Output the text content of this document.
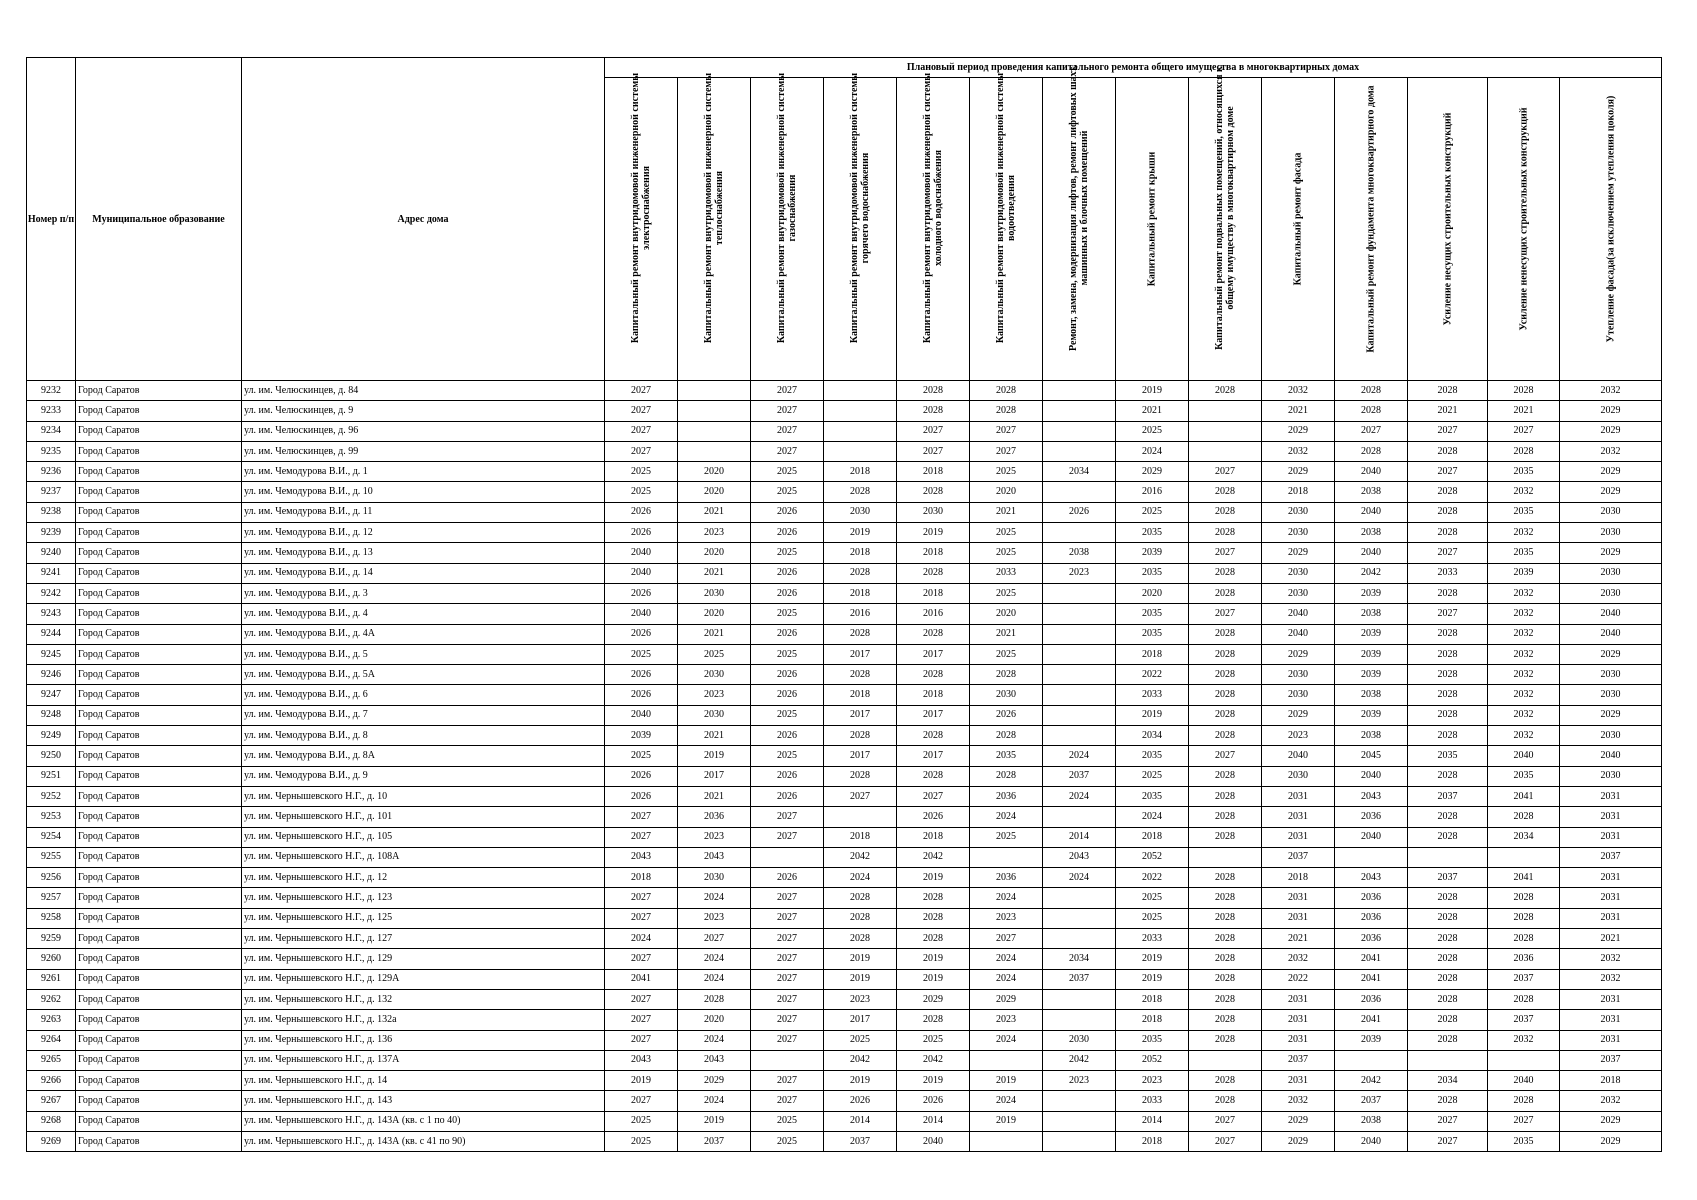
Номер п/п	Муниципальное образование	Адрес дома	Плановый период проведения капитального ремонта общего имущества в многоквартирных домах													

			Капитальный ремонт внутридомовой инженерной системы электроснабжения	Капитальный ремонт внутридомовой инженерной системы теплоснабжения	Капитальный ремонт внутридомовой инженерной системы газоснабжения	Капитальный ремонт внутридомовой инженерной системы горячего водоснабжения	Капитальный ремонт внутридомовой инженерной системы холодного водоснабжения	Капитальный ремонт внутридомовой инженерной системы водоотведения	Ремонт, замена, модернизация лифтов, ремонт лифтовых шахт, машинных и блочных помещений	Капитальный ремонт крыши	Капитальный ремонт подвальных помещений, относящихся к общему имуществу в многоквартирном доме	Капитальный ремонт фасада	Капитальный ремонт фундамента многоквартирного дома	Усиление несущих строительных конструкций	Усиление ненесущих строительных конструкций	Утепление фасада(за исключением утепления цоколя)

9232	Город Саратов	ул. им. Челюскинцев, д. 84	2027		2027		2028	2028		2019	2028	2032	2028	2028	2028	2032
9233	Город Саратов	ул. им. Челюскинцев, д. 9	2027		2027		2028	2028		2021		2021	2028	2021	2021	2029
9234	Город Саратов	ул. им. Челюскинцев, д. 96	2027		2027		2027	2027		2025		2029	2027	2027	2027	2029
9235	Город Саратов	ул. им. Челюскинцев, д. 99	2027		2027		2027	2027		2024		2032	2028	2028	2028	2032
9236	Город Саратов	ул. им. Чемодурова В.И., д. 1	2025	2020	2025	2018	2018	2025	2034	2029	2027	2029	2040	2027	2035	2029
9237	Город Саратов	ул. им. Чемодурова В.И., д. 10	2025	2020	2025	2028	2028	2020		2016	2028	2018	2038	2028	2032	2029
9238	Город Саратов	ул. им. Чемодурова В.И., д. 11	2026	2021	2026	2030	2030	2021	2026	2025	2028	2030	2040	2028	2035	2030
9239	Город Саратов	ул. им. Чемодурова В.И., д. 12	2026	2023	2026	2019	2019	2025		2035	2028	2030	2038	2028	2032	2030
9240	Город Саратов	ул. им. Чемодурова В.И., д. 13	2040	2020	2025	2018	2018	2025	2038	2039	2027	2029	2040	2027	2035	2029
9241	Город Саратов	ул. им. Чемодурова В.И., д. 14	2040	2021	2026	2028	2028	2033	2023	2035	2028	2030	2042	2033	2039	2030
9242	Город Саратов	ул. им. Чемодурова В.И., д. 3	2026	2030	2026	2018	2018	2025		2020	2028	2030	2039	2028	2032	2030
9243	Город Саратов	ул. им. Чемодурова В.И., д. 4	2040	2020	2025	2016	2016	2020		2035	2027	2040	2038	2027	2032	2040
9244	Город Саратов	ул. им. Чемодурова В.И., д. 4А	2026	2021	2026	2028	2028	2021		2035	2028	2040	2039	2028	2032	2040
9245	Город Саратов	ул. им. Чемодурова В.И., д. 5	2025	2025	2025	2017	2017	2025		2018	2028	2029	2039	2028	2032	2029
9246	Город Саратов	ул. им. Чемодурова В.И., д. 5А	2026	2030	2026	2028	2028	2028		2022	2028	2030	2039	2028	2032	2030
9247	Город Саратов	ул. им. Чемодурова В.И., д. 6	2026	2023	2026	2018	2018	2030		2033	2028	2030	2038	2028	2032	2030
9248	Город Саратов	ул. им. Чемодурова В.И., д. 7	2040	2030	2025	2017	2017	2026		2019	2028	2029	2039	2028	2032	2029
9249	Город Саратов	ул. им. Чемодурова В.И., д. 8	2039	2021	2026	2028	2028	2028		2034	2028	2023	2038	2028	2032	2030
9250	Город Саратов	ул. им. Чемодурова В.И., д. 8А	2025	2019	2025	2017	2017	2035	2024	2035	2027	2040	2045	2035	2040	2040
9251	Город Саратов	ул. им. Чемодурова В.И., д. 9	2026	2017	2026	2028	2028	2028	2037	2025	2028	2030	2040	2028	2035	2030
9252	Город Саратов	ул. им. Чернышевского Н.Г., д. 10	2026	2021	2026	2027	2027	2036	2024	2035	2028	2031	2043	2037	2041	2031
9253	Город Саратов	ул. им. Чернышевского Н.Г., д. 101	2027	2036	2027		2026	2024		2024	2028	2031	2036	2028	2028	2031
9254	Город Саратов	ул. им. Чернышевского Н.Г., д. 105	2027	2023	2027	2018	2018	2025	2014	2018	2028	2031	2040	2028	2034	2031
9255	Город Саратов	ул. им. Чернышевского Н.Г., д. 108А	2043	2043		2042	2042		2043	2052		2037				2037
9256	Город Саратов	ул. им. Чернышевского Н.Г., д. 12	2018	2030	2026	2024	2019	2036	2024	2022	2028	2018	2043	2037	2041	2031
9257	Город Саратов	ул. им. Чернышевского Н.Г., д. 123	2027	2024	2027	2028	2028	2024		2025	2028	2031	2036	2028	2028	2031
9258	Город Саратов	ул. им. Чернышевского Н.Г., д. 125	2027	2023	2027	2028	2028	2023		2025	2028	2031	2036	2028	2028	2031
9259	Город Саратов	ул. им. Чернышевского Н.Г., д. 127	2024	2027	2027	2028	2028	2027		2033	2028	2021	2036	2028	2028	2021
9260	Город Саратов	ул. им. Чернышевского Н.Г., д. 129	2027	2024	2027	2019	2019	2024	2034	2019	2028	2032	2041	2028	2036	2032
9261	Город Саратов	ул. им. Чернышевского Н.Г., д. 129А	2041	2024	2027	2019	2019	2024	2037	2019	2028	2022	2041	2028	2037	2032
9262	Город Саратов	ул. им. Чернышевского Н.Г., д. 132	2027	2028	2027	2023	2029	2029		2018	2028	2031	2036	2028	2028	2031
9263	Город Саратов	ул. им. Чернышевского Н.Г., д. 132а	2027	2020	2027	2017	2028	2023		2018	2028	2031	2041	2028	2037	2031
9264	Город Саратов	ул. им. Чернышевского Н.Г., д. 136	2027	2024	2027	2025	2025	2024	2030	2035	2028	2031	2039	2028	2032	2031
9265	Город Саратов	ул. им. Чернышевского Н.Г., д. 137А	2043	2043		2042	2042		2042	2052		2037				2037
9266	Город Саратов	ул. им. Чернышевского Н.Г., д. 14	2019	2029	2027	2019	2019	2019	2023	2023	2028	2031	2042	2034	2040	2018
9267	Город Саратов	ул. им. Чернышевского Н.Г., д. 143	2027	2024	2027	2026	2026	2024		2033	2028	2032	2037	2028	2028	2032
9268	Город Саратов	ул. им. Чернышевского Н.Г., д. 143А (кв. с 1 по 40)	2025	2019	2025	2014	2014	2019		2014	2027	2029	2038	2027	2027	2029
9269	Город Саратов	ул. им. Чернышевского Н.Г., д. 143А (кв. с 41 по 90)	2025	2037	2025	2037	2040			2018	2027	2029	2040	2027	2035	2029
